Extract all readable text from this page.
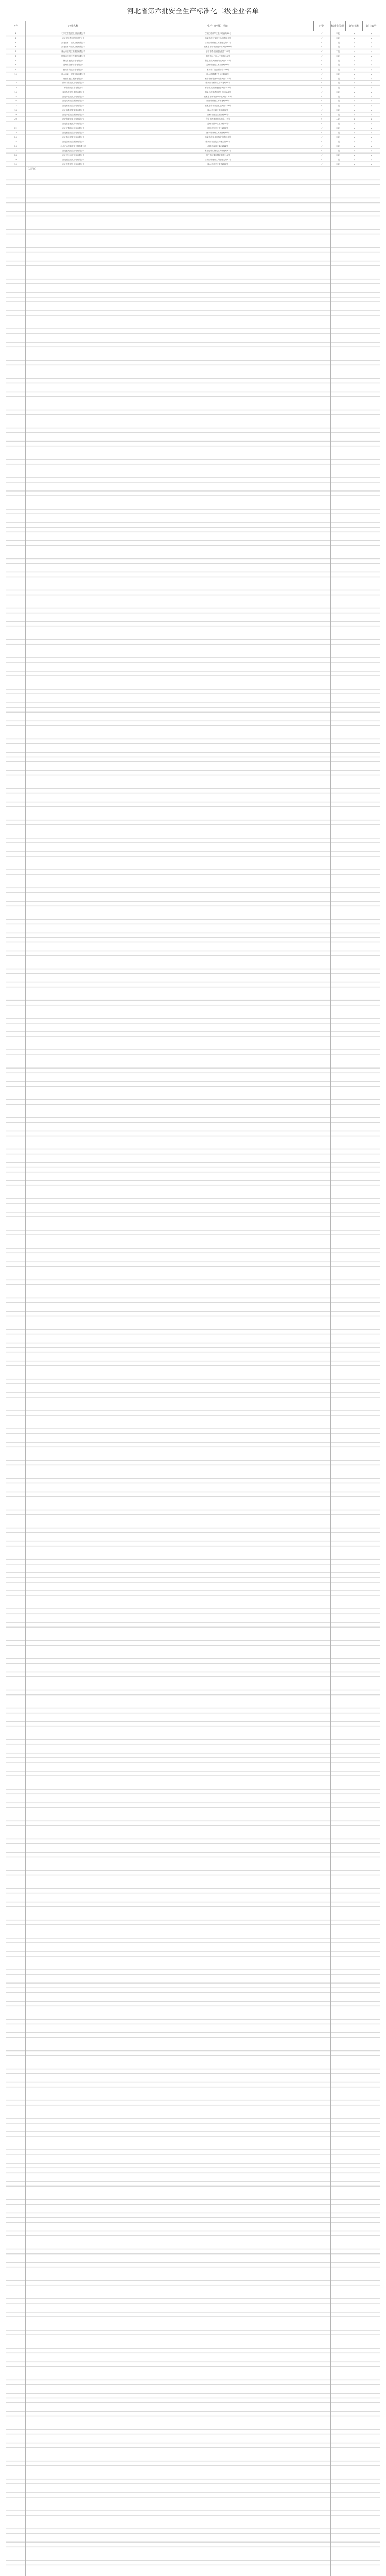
河北省第六批安全生产标准化二级企业名单
序号	企业名称	生产（经营）地址	行业	标准化等级	评审机构	证书编号
1	石家庄市政建设工程有限公司	石家庄市新华区北二环西路88号	√	二级	√	√
2	河北建工集团有限责任公司	石家庄市长安区中山东路329号	√	二级	√	√
3	河北省第二建筑工程有限公司	石家庄市桥西区友谊南大街12号	√	二级	√	√
4	河北省第四建筑工程有限公司	石家庄市裕华区建华南大街168号	√	二级	√	√
5	唐山市建筑工程集团有限公司	唐山市路北区建设北路138号	√	二级	√	√
6	邯郸市建设工程集团有限公司	邯郸市丛台区人民东路256号	√	二级	√	√
7	保定市建筑工程有限公司	保定市竞秀区朝阳北大街520号	√	二级	√	√
8	沧州市路桥工程有限公司	沧州市运河区解放西路96号	√	二级	√	√
9	廊坊市安装工程有限公司	廊坊市广阳区新华路203号	√	二级	√	√
10	衡水市第一建筑工程有限公司	衡水市桃城区人民东路58号	√	二级	√	√
11	邢台市建工集团有限公司	邢台市桥东区中兴东大街310号	√	二级	√	√
12	张家口市建筑工程有限公司	张家口市桥东区胜利北路77号	√	二级	√	√
13	承德市政工程有限公司	承德市双桥区南营子大街145号	√	二级	√	√
14	秦皇岛市建设集团有限公司	秦皇岛市海港区建设大街188号	√	二级	√	√
15	河北华建建筑工程有限公司	石家庄市新华区中华北大街210号	√	二级	√	√
16	河北天昕建设集团有限公司	邢台市桥西区新华北路66号	√	二级	√	√
17	河北冀都建设工程有限公司	石家庄市桥西区红旗大街136号	√	二级	√	√
18	河北鸿泰建筑安装有限公司	唐山市丰润区幸福道90号	√	二级	√	√
19	河北中原建设集团有限公司	邯郸市邯山区陵园路48号	√	二级	√	√
20	河北润城建筑工程有限公司	保定市莲池区东风中路172号	√	二级	√	√
21	河北宏远机电安装有限公司	沧州市新华区北京路25号	√	二级	√	√
22	河北安泰路桥工程有限公司	廊坊市安次区永兴路81号	√	二级	√	√
23	河北恒基建设工程有限公司	衡水市冀州区冀新西路39号	√	二级	√	√
24	河北燕赵建筑工程有限公司	石家庄市裕华区槐安东路155号	√	二级	√	√
25	河北金桥建设集团有限公司	张家口市宣化区钟楼大街67号	√	二级	√	√
26	河北正达建筑安装工程有限公司	承德市双滦区滦河路12号	√	二级	√	√
27	河北长城建设工程有限公司	秦皇岛市山海关区关城南路33号	√	二级	√	√
28	河北博远市政工程有限公司	邢台市信都区钢铁北路118号	√	二级	√	√
29	河北通达建筑工程有限公司	石家庄市鹿泉区向阳南大街52号	√	二级	√	√
30	河北华联建设工程有限公司	唐山市开平区新苑路71号	√	二级	√	√
（以下略）
